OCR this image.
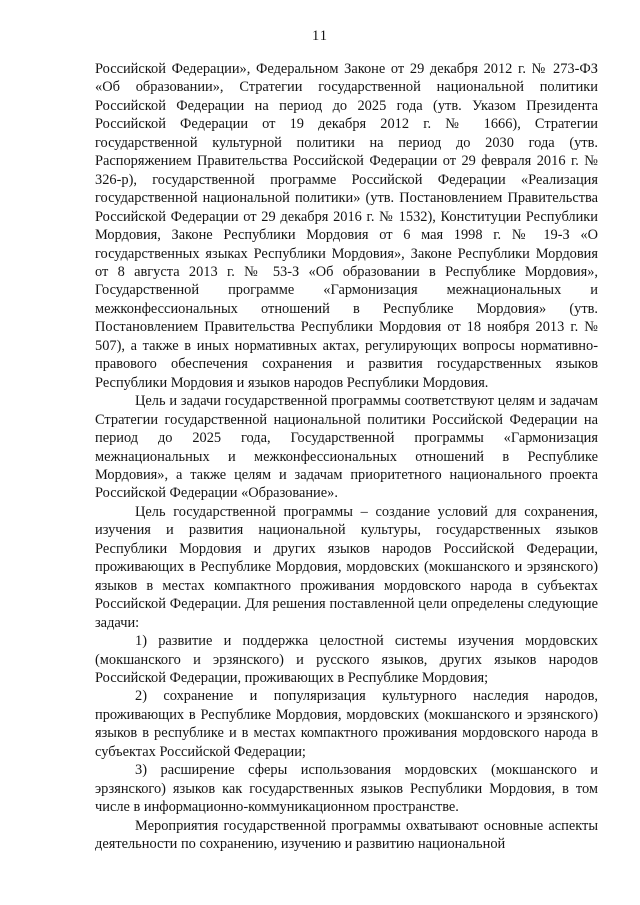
11

Российской Федерации», Федеральном Законе от 29 декабря 2012 г. № 273-ФЗ «Об образовании», Стратегии государственной национальной политики Российской Федерации на период до 2025 года (утв. Указом Президента Российской Федерации от 19 декабря 2012 г. № 1666), Стратегии государственной культурной политики на период до 2030 года (утв. Распоряжением Правительства Российской Федерации от 29 февраля 2016 г. № 326-р), государственной программе Российской Федерации «Реализация государственной национальной политики» (утв. Постановлением Правительства Российской Федерации от 29 декабря 2016 г. № 1532), Конституции Республики Мордовия, Законе Республики Мордовия от 6 мая 1998 г. № 19-З «О государственных языках Республики Мордовия», Законе Республики Мордовия от 8 августа 2013 г. № 53-З «Об образовании в Республике Мордовия», Государственной программе «Гармонизация межнациональных и межконфессиональных отношений в Республике Мордовия» (утв. Постановлением Правительства Республики Мордовия от 18 ноября 2013 г. № 507), а также в иных нормативных актах, регулирующих вопросы нормативно-правового обеспечения сохранения и развития государственных языков Республики Мордовия и языков народов Республики Мордовия.

Цель и задачи государственной программы соответствуют целям и задачам Стратегии государственной национальной политики Российской Федерации на период до 2025 года, Государственной программы «Гармонизация межнациональных и межконфессиональных отношений в Республике Мордовия», а также целям и задачам приоритетного национального проекта Российской Федерации «Образование».

Цель государственной программы – создание условий для сохранения, изучения и развития национальной культуры, государственных языков Республики Мордовия и других языков народов Российской Федерации, проживающих в Республике Мордовия, мордовских (мокшанского и эрзянского) языков в местах компактного проживания мордовского народа в субъектах Российской Федерации. Для решения поставленной цели определены следующие задачи:

1) развитие и поддержка целостной системы изучения мордовских (мокшанского и эрзянского) и русского языков, других языков народов Российской Федерации, проживающих в Республике Мордовия;

2) сохранение и популяризация культурного наследия народов, проживающих в Республике Мордовия, мордовских (мокшанского и эрзянского) языков в республике и в местах компактного проживания мордовского народа в субъектах Российской Федерации;

3) расширение сферы использования мордовских (мокшанского и эрзянского) языков как государственных языков Республики Мордовия, в том числе в информационно-коммуникационном пространстве.

Мероприятия государственной программы охватывают основные аспекты деятельности по сохранению, изучению и развитию национальной
